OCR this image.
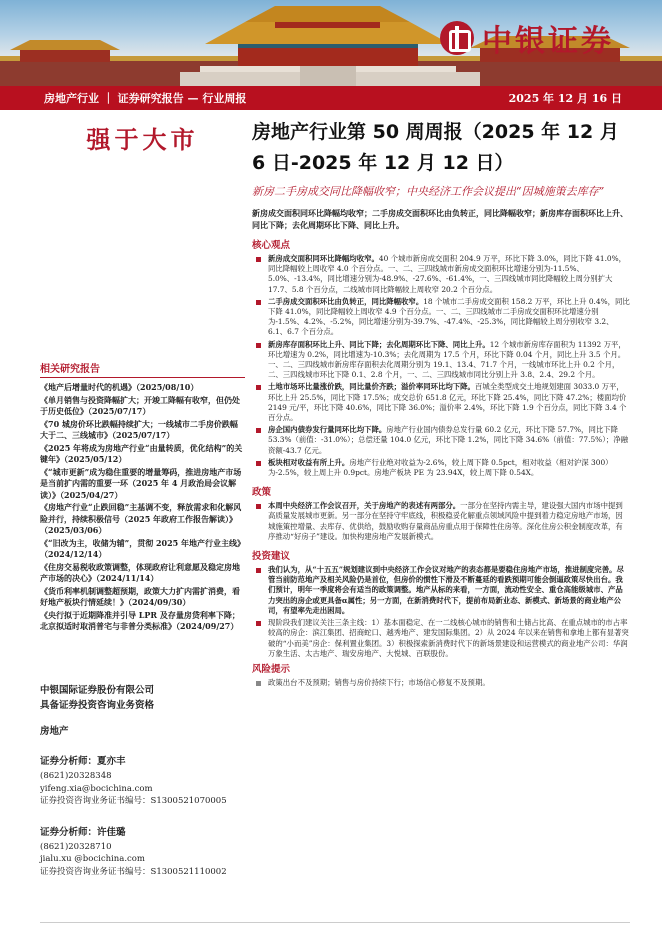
中银证券
房地产行业 ｜ 证券研究报告 — 行业周报	2025 年 12 月 16 日
强于大市
相关研究报告
《地产后增量时代的机遇》（2025/08/10）
《单月销售与投资降幅扩大；开竣工降幅有收窄，但仍处于历史低位》（2025/07/17）
《70 城房价环比跌幅持续扩大；一线城市二手房价跌幅大于二、三线城市》（2025/07/17）
《2025 年将成为房地产行业“由量转质，优化结构”的关键年》（2025/05/12）
《“城市更新”成为稳住重要的增量筹码，推进房地产市场是当前扩内需的重要一环（2025 年 4 月政治局会议解读）》（2025/04/27）
《房地产行业“止跌回稳”主基调不变，释放需求和化解风险并行，持续积极信号（2025 年政府工作报告解读）》（2025/03/06）
《“旧改为主，收储为辅”，贯彻 2025 年地产行业主线》（2024/12/14）
《住房交易税收政策调整，体现政府让利意愿及稳定房地产市场的决心》（2024/11/14）
《货币利率机制调整超预期，政策大力扩内需扩消费，看好地产板块行情延续！》（2024/09/30）
《央行拟于近期降准并引导 LPR 及存量房贷利率下降；北京拟适时取消普宅与非普分类标准》（2024/09/27）
中银国际证券股份有限公司
具备证券投资咨询业务资格
房地产
证券分析师：夏亦丰
(8621)20328348
yifeng.xia@bocichina.com
证券投资咨询业务证书编号：S1300521070005
证券分析师：许佳璐
(8621)20328710
jialu.xu @bocichina.com
证券投资咨询业务证书编号：S1300521110002
房地产行业第 50 周周报（2025 年 12 月 6 日-2025 年 12 月 12 日）
新房二手房成交同比降幅收窄；中央经济工作会议提出“因城施策去库存”
新房成交面积同环比降幅均收窄；二手房成交面积环比由负转正，同比降幅收窄；新房库存面积环比上升、同比下降；去化周期环比下降、同比上升。
核心观点
新房成交面积同环比降幅均收窄。40 个城市新房成交面积 204.9 万平，环比下降 3.0%，同比下降 41.0%，同比降幅较上周收窄 4.0 个百分点。一、二、三四线城市新房成交面积环比增速分别为-11.5%、5.0%、-13.4%，同比增速分别为-48.9%、-27.6%、-61.4%，一、三四线城市同比降幅较上周分别扩大 17.7、5.8 个百分点，二线城市同比降幅较上周收窄 20.2 个百分点。
二手房成交面积环比由负转正，同比降幅收窄。18 个城市二手房成交面积 158.2 万平，环比上升 0.4%，同比下降 41.0%，同比降幅较上周收窄 4.9 个百分点。一、二、三四线城市二手房成交面积环比增速分别为-1.5%、4.2%、-5.2%，同比增速分别为-39.7%、-47.4%、-25.3%，同比降幅较上周分别收窄 3.2、6.1、6.7 个百分点。
新房库存面积环比上升、同比下降；去化周期环比下降、同比上升。12 个城市新房库存面积为 11392 万平，环比增速为 0.2%，同比增速为-10.3%；去化周期为 17.5 个月，环比下降 0.04 个月，同比上升 3.5 个月。一、二、三四线城市新房库存面积去化周期分别为 19.1、13.4、71.7 个月，一线城市环比上升 0.2 个月，二、三四线城市环比下降 0.1、2.8 个月，一、二、三四线城市同比分别上升 3.8、2.4、29.2 个月。
土地市场环比量涨价跌，同比量价齐跌；溢价率同环比均下降。百城全类型成交土地规划建面 3033.0 万平，环比上升 25.5%，同比下降 17.5%；成交总价 651.8 亿元，环比下降 25.4%，同比下降 47.2%；楼面均价 2149 元/平，环比下降 40.6%，同比下降 36.0%；溢价率 2.4%，环比下降 1.9 个百分点，同比下降 3.4 个百分点。
房企国内债券发行量同环比均下降。房地产行业国内债券总发行量 60.2 亿元，环比下降 57.7%，同比下降 53.3%（前值：-31.0%）；总偿还量 104.0 亿元，环比下降 1.2%，同比下降 34.6%（前值：77.5%）；净融资额-43.7 亿元。
板块相对收益有所上升。房地产行业绝对收益为-2.6%，较上周下降 0.5pct，相对收益（相对沪深 300）为-2.5%，较上周上升 0.9pct。房地产板块 PE 为 23.94X，较上周下降 0.54X。
政策
本周中央经济工作会议召开，关于房地产的表述有两部分。一部分在坚持内需主导，建设强大国内市场中提到高质量发展城市更新。另一部分在坚持守牢底线，积极稳妥化解重点领域风险中提到着力稳定房地产市场，因城施策控增量、去库存、优供给，鼓励收购存量商品房重点用于保障性住房等。深化住房公积金制度改革，有序推动“好房子”建设。加快构建房地产发展新模式。
投资建议
我们认为，从“十五五”规划建议到中央经济工作会议对地产的表态都是要稳住房地产市场，推进制度完善。尽管当前防范地产及相关风险仍是首位，但房价的惯性下滑及不断蔓延的看跌预期可能会倒逼政策尽快出台。我们预计，明年一季度将会有适当的政策调整。地产从标的来看，一方面，流动性安全、重仓高能级城市、产品力突出的房企或更具备α属性；另一方面，在新消费时代下，提前布局新业态、新模式、新场景的商业地产公司，有望率先走出困局。
现阶段我们建议关注三条主线：1）基本面稳定、在一二线核心城市的销售和土储占比高、在重点城市的市占率较高的房企：滨江集团、招商蛇口、越秀地产、建发国际集团。2）从 2024 年以来在销售和拿地上都有显著突破的“小而美”房企：保利置业集团。3）积极探索新消费时代下的新场景建设和运营模式的商业地产公司：华润万象生活、太古地产、瑞安房地产、大悦城、百联股份。
风险提示
政策出台不及预期；销售与房价持续下行；市场信心修复不及预期。
